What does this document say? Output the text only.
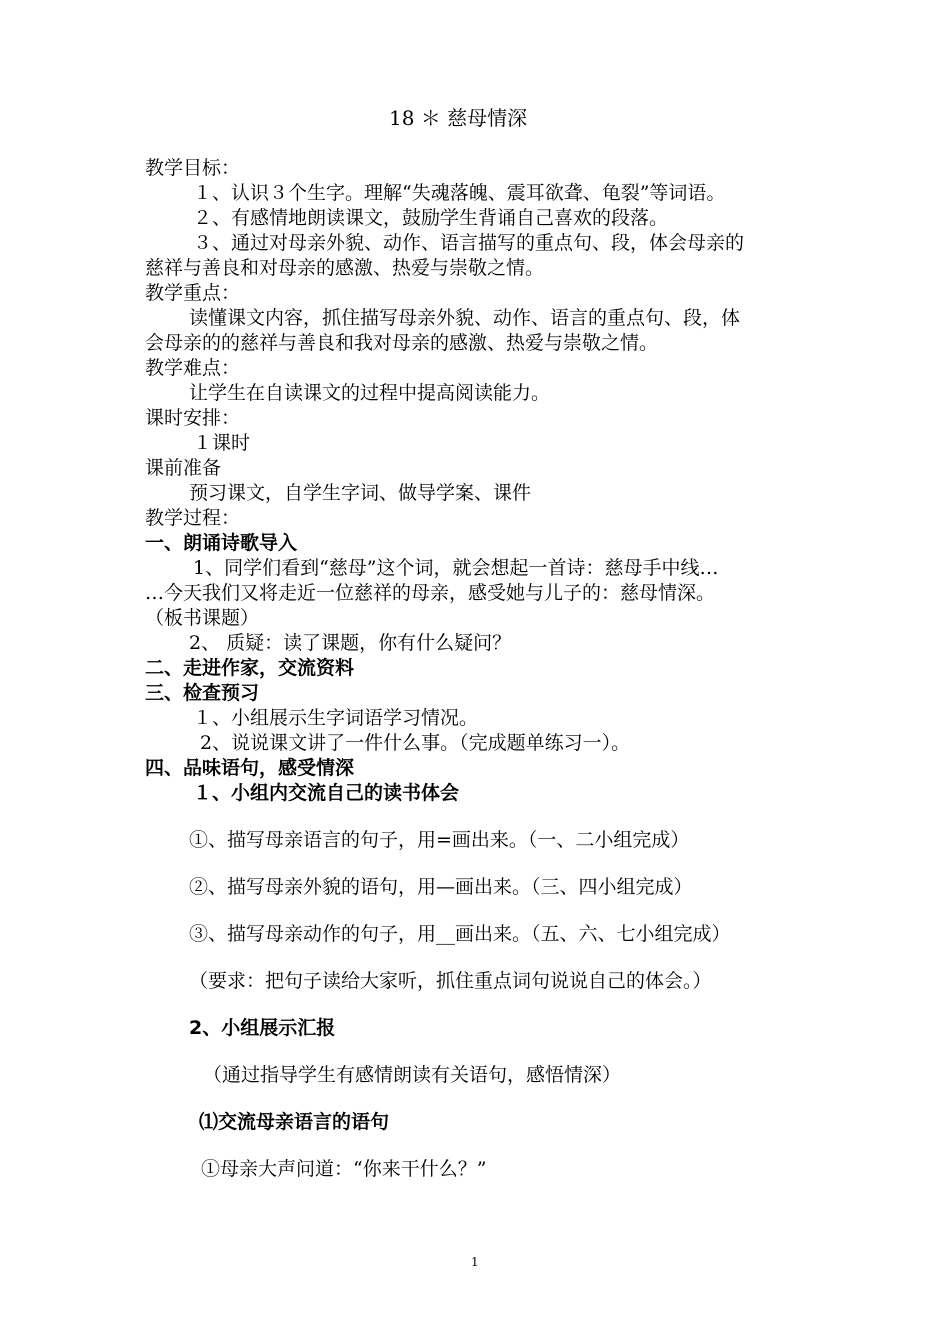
18 ＊ 慈母情深
教学目标：
１、认识３个生字。理解“失魂落魄、震耳欲聋、龟裂”等词语。
２、有感情地朗读课文，鼓励学生背诵自己喜欢的段落。
３、通过对母亲外貌、动作、语言描写的重点句、段，体会母亲的
慈祥与善良和对母亲的感激、热爱与崇敬之情。
教学重点：
读懂课文内容，抓住描写母亲外貌、动作、语言的重点句、段，体
会母亲的的慈祥与善良和我对母亲的感激、热爱与崇敬之情。
教学难点：
让学生在自读课文的过程中提高阅读能力。
课时安排：
１课时
课前准备
预习课文，自学生字词、做导学案、课件
教学过程：
一、朗诵诗歌导入
1、同学们看到“慈母”这个词，就会想起一首诗：慈母手中线…
…今天我们又将走近一位慈祥的母亲，感受她与儿子的：慈母情深。
（板书课题）
2、 质疑：读了课题，你有什么疑问？
二、走进作家，交流资料
三、检查预习
１、小组展示生字词语学习情况。
2、说说课文讲了一件什么事。（完成题单练习一）。
四、品味语句，感受情深
１、小组内交流自己的读书体会
①、描写母亲语言的句子，用=画出来。（一、二小组完成）
②、描写母亲外貌的语句，用—画出来。（三、四小组完成）
③、描写母亲动作的句子，用__画出来。（五、六、七小组完成）
（要求：把句子读给大家听，抓住重点词句说说自己的体会。）
2、小组展示汇报
（通过指导学生有感情朗读有关语句，感悟情深）
⑴交流母亲语言的语句
①母亲大声问道：“你来干什么？”
1
